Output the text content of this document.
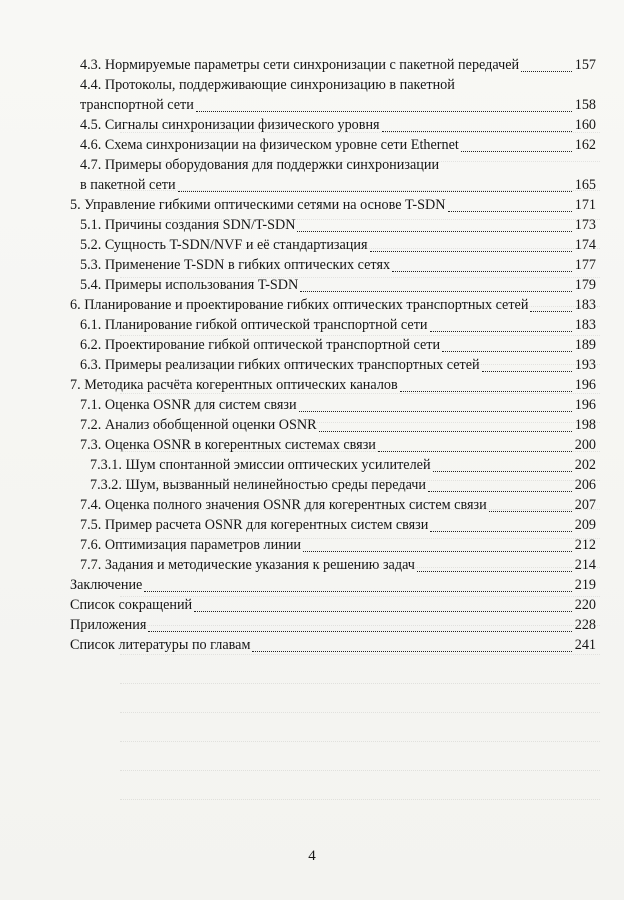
4.3. Нормируемые параметры сети синхронизации с пакетной передачей	157
4.4. Протоколы, поддерживающие синхронизацию в пакетной
транспортной сети	158
4.5. Сигналы синхронизации физического уровня	160
4.6. Схема синхронизации на физическом уровне сети Ethernet	162
4.7. Примеры оборудования для поддержки синхронизации
в пакетной сети	165
5. Управление гибкими оптическими сетями на основе T-SDN	171
5.1. Причины создания SDN/T-SDN	173
5.2. Сущность T-SDN/NVF и её стандартизация	174
5.3. Применение T-SDN в гибких оптических сетях	177
5.4. Примеры использования T-SDN	179
6. Планирование и проектирование гибких оптических транспортных сетей	183
6.1. Планирование гибкой оптической транспортной сети	183
6.2. Проектирование гибкой оптической транспортной сети	189
6.3. Примеры реализации гибких оптических транспортных сетей	193
7. Методика расчёта когерентных оптических каналов	196
7.1. Оценка OSNR для систем связи	196
7.2. Анализ обобщенной оценки OSNR	198
7.3. Оценка OSNR в когерентных системах связи	200
7.3.1. Шум спонтанной эмиссии оптических усилителей	202
7.3.2. Шум, вызванный нелинейностью среды передачи	206
7.4. Оценка полного значения OSNR для когерентных систем связи	207
7.5. Пример расчета OSNR для когерентных систем связи	209
7.6. Оптимизация параметров линии	212
7.7. Задания и методические указания к решению задач	214
Заключение	219
Список сокращений	220
Приложения	228
Список литературы по главам	241
4
